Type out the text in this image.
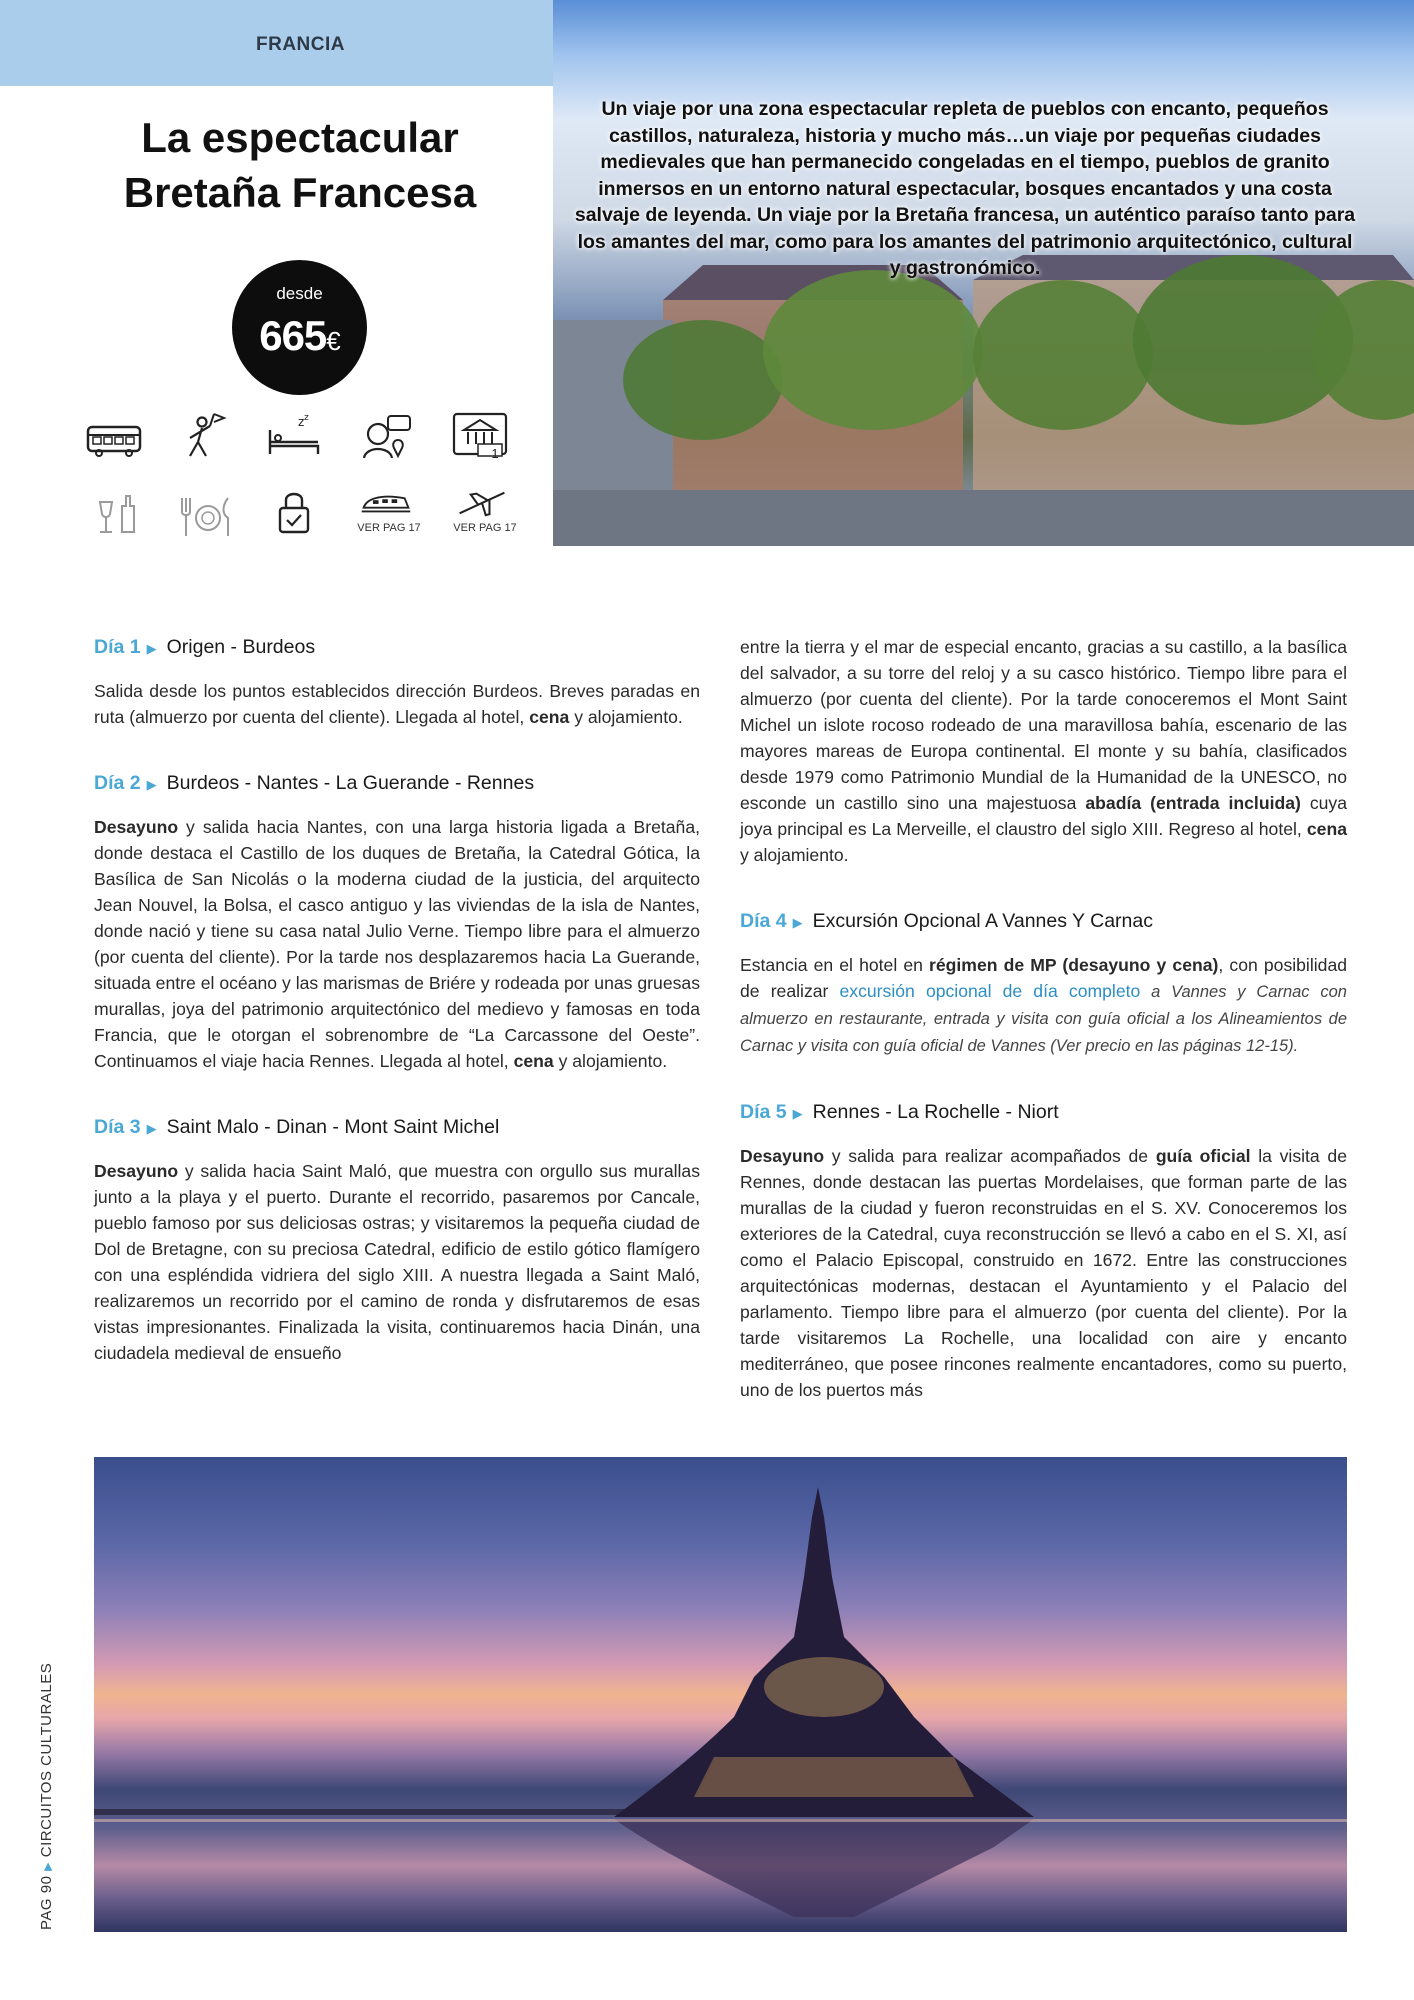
FRANCIA
La espectacular
Bretaña Francesa
desde
665€
z z
1
VER PAG 17	VER PAG 17
Un viaje por una zona espectacular repleta de pueblos con encanto, pequeños castillos, naturaleza, historia y mucho más…un viaje por pequeñas ciudades medievales que han permanecido congeladas en el tiempo, pueblos de granito inmersos en un entorno natural espectacular, bosques encantados y una costa salvaje de leyenda. Un viaje por la Bretaña francesa, un auténtico paraíso tanto para los amantes del mar, como para los amantes del patrimonio arquitectónico, cultural y gastronómico.
Día 1 ▶ Origen - Burdeos

Salida desde los puntos establecidos dirección Burdeos. Breves paradas en ruta (almuerzo por cuenta del cliente). Llegada al hotel, cena y alojamiento.

Día 2 ▶ Burdeos - Nantes - La Guerande - Rennes

Desayuno y salida hacia Nantes, con una larga historia ligada a Bretaña, donde destaca el Castillo de los duques de Bretaña, la Catedral Gótica, la Basílica de San Nicolás o la moderna ciudad de la justicia, del arquitecto Jean Nouvel, la Bolsa, el casco antiguo y las viviendas de la isla de Nantes, donde nació y tiene su casa natal Julio Verne. Tiempo libre para el almuerzo (por cuenta del cliente). Por la tarde nos desplazaremos hacia La Guerande, situada entre el océano y las marismas de Briére y rodeada por unas gruesas murallas, joya del patrimonio arquitectónico del medievo y famosas en toda Francia, que le otorgan el sobrenombre de “La Carcassone del Oeste”. Continuamos el viaje hacia Rennes. Llegada al hotel, cena y alojamiento.

Día 3 ▶ Saint Malo - Dinan - Mont Saint Michel

Desayuno y salida hacia Saint Maló, que muestra con orgullo sus murallas junto a la playa y el puerto. Durante el recorrido, pasaremos por Cancale, pueblo famoso por sus deliciosas ostras; y visitaremos la pequeña ciudad de Dol de Bretagne, con su preciosa Catedral, edificio de estilo gótico flamígero con una espléndida vidriera del siglo XIII. A nuestra llegada a Saint Maló, realizaremos un recorrido por el camino de ronda y disfrutaremos de esas vistas impresionantes. Finalizada la visita, continuaremos hacia Dinán, una ciudadela medieval de ensueño

entre la tierra y el mar de especial encanto, gracias a su castillo, a la basílica del salvador, a su torre del reloj y a su casco histórico. Tiempo libre para el almuerzo (por cuenta del cliente). Por la tarde conoceremos el Mont Saint Michel un islote rocoso rodeado de una maravillosa bahía, escenario de las mayores mareas de Europa continental. El monte y su bahía, clasificados desde 1979 como Patrimonio Mundial de la Humanidad de la UNESCO, no esconde un castillo sino una majestuosa abadía (entrada incluida) cuya joya principal es La Merveille, el claustro del siglo XIII. Regreso al hotel, cena y alojamiento.

Día 4 ▶ Excursión Opcional A Vannes Y Carnac

Estancia en el hotel en régimen de MP (desayuno y cena), con posibilidad de realizar excursión opcional de día completo a Vannes y Carnac con almuerzo en restaurante, entrada y visita con guía oficial a los Alineamientos de Carnac y visita con guía oficial de Vannes (Ver precio en las páginas 12-15).

Día 5 ▶ Rennes - La Rochelle - Niort

Desayuno y salida para realizar acompañados de guía oficial la visita de Rennes, donde destacan las puertas Mordelaises, que forman parte de las murallas de la ciudad y fueron reconstruidas en el S. XV. Conoceremos los exteriores de la Catedral, cuya reconstrucción se llevó a cabo en el S. XI, así como el Palacio Episcopal, construido en 1672. Entre las construcciones arquitectónicas modernas, destacan el Ayuntamiento y el Palacio del parlamento. Tiempo libre para el almuerzo (por cuenta del cliente). Por la tarde visitaremos La Rochelle, una localidad con aire y encanto mediterráneo, que posee rincones realmente encantadores, como su puerto, uno de los puertos más

PAG 90 ▶ CIRCUITOS CULTURALES
